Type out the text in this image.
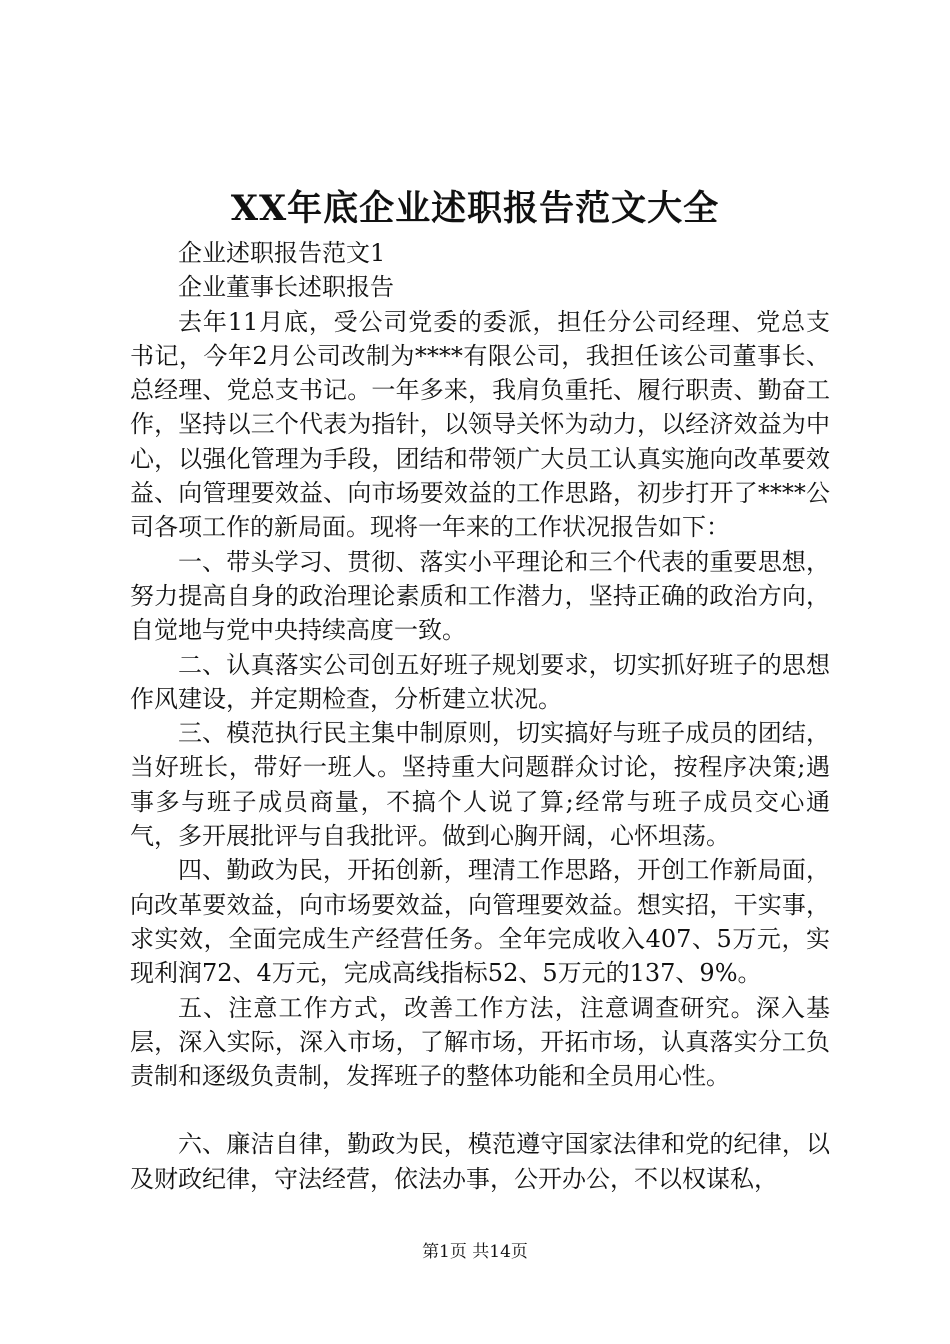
XX年底企业述职报告范文大全

企业述职报告范文1

企业董事长述职报告

去年11月底，受公司党委的委派，担任分公司经理、党总支书记，今年2月公司改制为****有限公司，我担任该公司董事长、总经理、党总支书记。一年多来，我肩负重托、履行职责、勤奋工作，坚持以三个代表为指针，以领导关怀为动力，以经济效益为中心，以强化管理为手段，团结和带领广大员工认真实施向改革要效益、向管理要效益、向市场要效益的工作思路，初步打开了****公司各项工作的新局面。现将一年来的工作状况报告如下：

一、带头学习、贯彻、落实小平理论和三个代表的重要思想，努力提高自身的政治理论素质和工作潜力，坚持正确的政治方向，自觉地与党中央持续高度一致。

二、认真落实公司创五好班子规划要求，切实抓好班子的思想作风建设，并定期检查，分析建立状况。

三、模范执行民主集中制原则，切实搞好与班子成员的团结，当好班长，带好一班人。坚持重大问题群众讨论，按程序决策;遇事多与班子成员商量，不搞个人说了算;经常与班子成员交心通气，多开展批评与自我批评。做到心胸开阔，心怀坦荡。

四、勤政为民，开拓创新，理清工作思路，开创工作新局面，向改革要效益，向市场要效益，向管理要效益。想实招，干实事，求实效，全面完成生产经营任务。全年完成收入407、5万元，实现利润72、4万元，完成高线指标52、5万元的137、9%。

五、注意工作方式，改善工作方法，注意调查研究。深入基层，深入实际，深入市场，了解市场，开拓市场，认真落实分工负责制和逐级负责制，发挥班子的整体功能和全员用心性。

六、廉洁自律，勤政为民，模范遵守国家法律和党的纪律，以及财政纪律，守法经营，依法办事，公开办公，不以权谋私，

第1页 共14页
